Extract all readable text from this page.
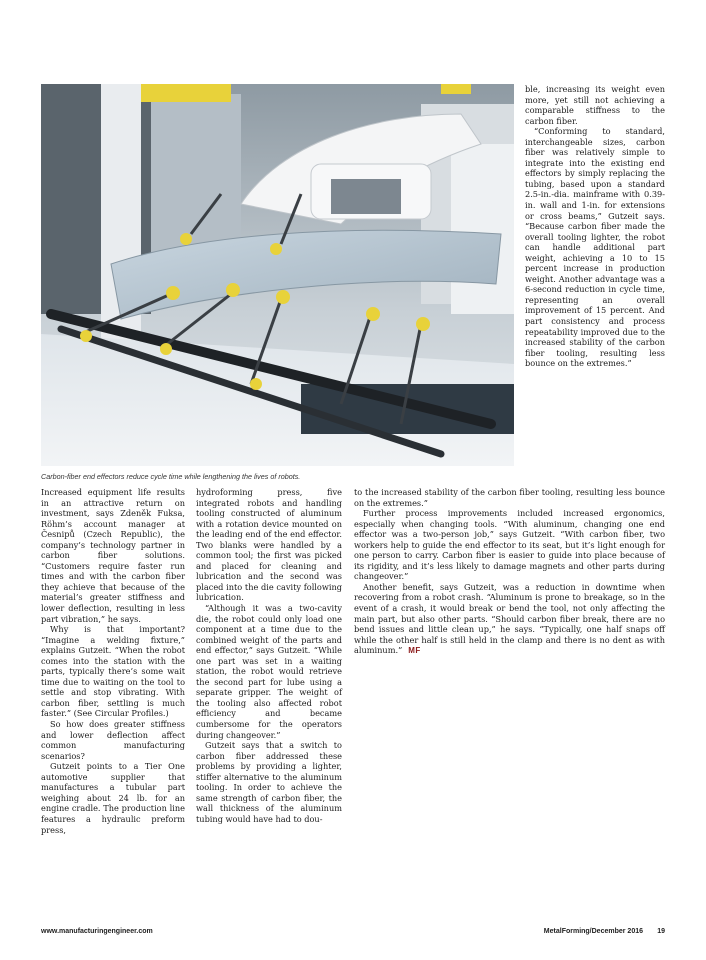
Carbon-fiber end effectors reduce cycle time while lengthening the lives of robots.

ble, increasing its weight even more, yet still not achieving a comparable stiffness to the carbon fiber.

“Conforming to standard, interchangeable sizes, carbon fiber was relatively simple to integrate into the existing end effectors by simply replacing the tubing, based upon a standard 2.5-in.-dia. mainframe with 0.39-in. wall and 1-in. for extensions or cross beams,” Gutzeit says. “Because carbon fiber made the overall tooling lighter, the robot can handle additional part weight, achieving a 10 to 15 percent increase in production weight. Another advantage was a 6-second reduction in cycle time, representing an overall improvement of 15 percent. And part consistency and process repeatability improved due to the increased stability of the carbon fiber tooling, resulting less bounce on the extremes.”

Increased equipment life results in an attractive return on investment, says Zdeněk Fuksa, Röhm’s account manager at Česnipů (Czech Republic), the company’s technology partner in carbon fiber solutions. “Customers require faster run times and with the carbon fiber they achieve that because of the material’s greater stiffness and lower deflection, resulting in less part vibration,” he says.

Why is that important? “Imagine a welding fixture,” explains Gutzeit. “When the robot comes into the station with the parts, typically there’s some wait time due to waiting on the tool to settle and stop vibrating. With carbon fiber, settling is much faster.” (See Circular Profiles.)

So how does greater stiffness and lower deflection affect common manufacturing scenarios?

Gutzeit points to a Tier One automotive supplier that manufactures a tubular part weighing about 24 lb. for an engine cradle. The production line features a hydraulic preform press,

hydroforming press, five integrated robots and handling tooling constructed of aluminum with a rotation device mounted on the leading end of the end effector. Two blanks were handled by a common tool; the first was picked and placed for cleaning and lubrication and the second was placed into the die cavity following lubrication.

“Although it was a two-cavity die, the robot could only load one component at a time due to the combined weight of the parts and end effector,” says Gutzeit. “While one part was set in a waiting station, the robot would retrieve the second part for lube using a separate gripper. The weight of the tooling also affected robot efficiency and became cumbersome for the operators during changeover.”

Gutzeit says that a switch to carbon fiber addressed these problems by providing a lighter, stiffer alternative to the aluminum tooling. In order to achieve the same strength of carbon fiber, the wall thickness of the aluminum tubing would have had to dou-

to the increased stability of the carbon fiber tooling, resulting less bounce on the extremes.”

Further process improvements included increased ergonomics, especially when changing tools. “With aluminum, changing one end effector was a two-person job,” says Gutzeit. “With carbon fiber, two workers help to guide the end effector to its seat, but it’s light enough for one person to carry. Carbon fiber is easier to guide into place because of its rigidity, and it’s less likely to damage magnets and other parts during changeover.”

Another benefit, says Gutzeit, was a reduction in downtime when recovering from a robot crash. “Aluminum is prone to breakage, so in the event of a crash, it would break or bend the tool, not only affecting the main part, but also other parts. “Should carbon fiber break, there are no bend issues and little clean up,” he says. “Typically, one half snaps off while the other half is still held in the clamp and there is no dent as with aluminum.” MF

www.manufacturingengineer.com	MetalForming/December 2016 19
